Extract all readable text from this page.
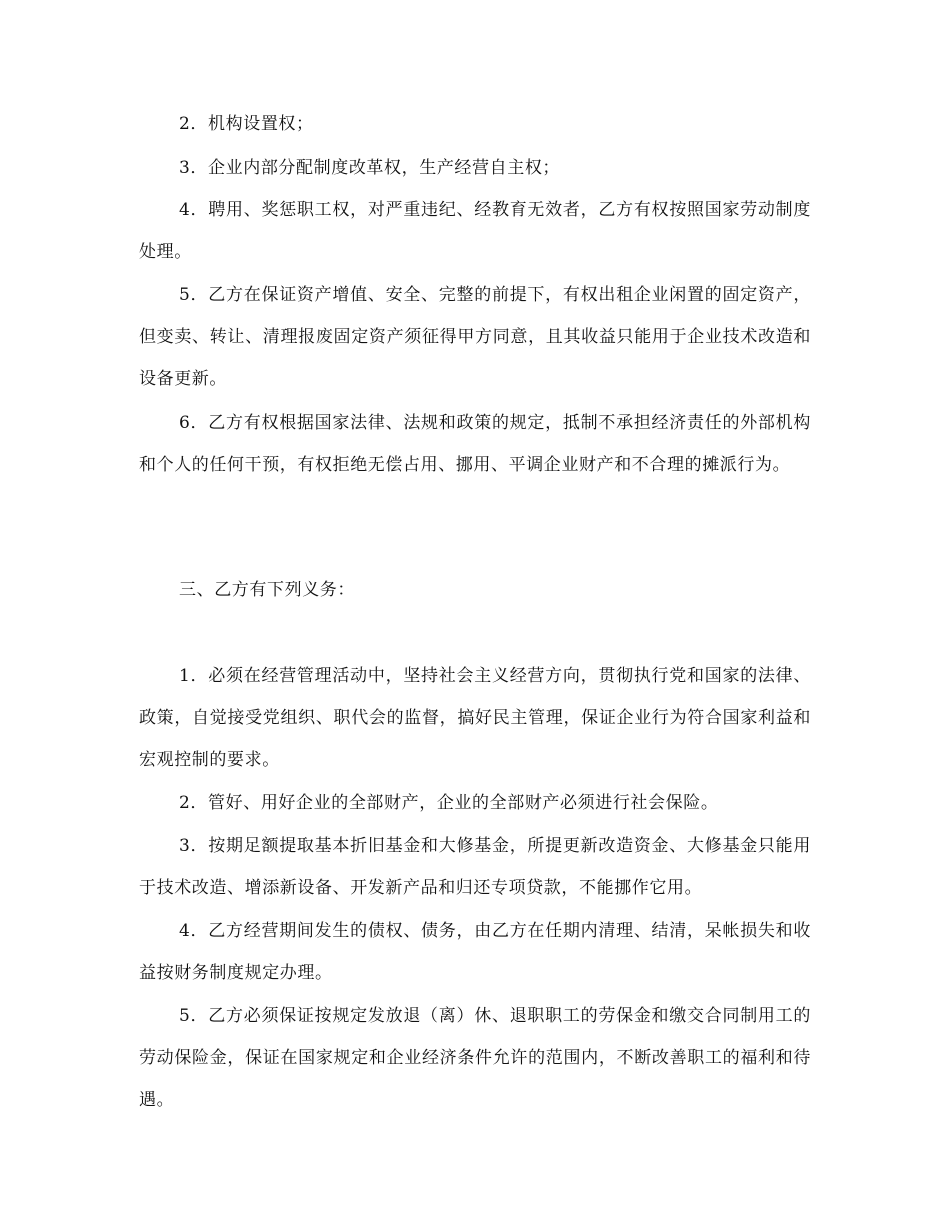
2．机构设置权；

3．企业内部分配制度改革权，生产经营自主权；

4．聘用、奖惩职工权，对严重违纪、经教育无效者，乙方有权按照国家劳动制度处理。

5．乙方在保证资产增值、安全、完整的前提下，有权出租企业闲置的固定资产，但变卖、转让、清理报废固定资产须征得甲方同意，且其收益只能用于企业技术改造和设备更新。

6．乙方有权根据国家法律、法规和政策的规定，抵制不承担经济责任的外部机构和个人的任何干预，有权拒绝无偿占用、挪用、平调企业财产和不合理的摊派行为。

三、乙方有下列义务：

1．必须在经营管理活动中，坚持社会主义经营方向，贯彻执行党和国家的法律、政策，自觉接受党组织、职代会的监督，搞好民主管理，保证企业行为符合国家利益和宏观控制的要求。

2．管好、用好企业的全部财产，企业的全部财产必须进行社会保险。

3．按期足额提取基本折旧基金和大修基金，所提更新改造资金、大修基金只能用于技术改造、增添新设备、开发新产品和归还专项贷款，不能挪作它用。

4．乙方经营期间发生的债权、债务，由乙方在任期内清理、结清，呆帐损失和收益按财务制度规定办理。

5．乙方必须保证按规定发放退（离）休、退职职工的劳保金和缴交合同制用工的劳动保险金，保证在国家规定和企业经济条件允许的范围内，不断改善职工的福利和待遇。
